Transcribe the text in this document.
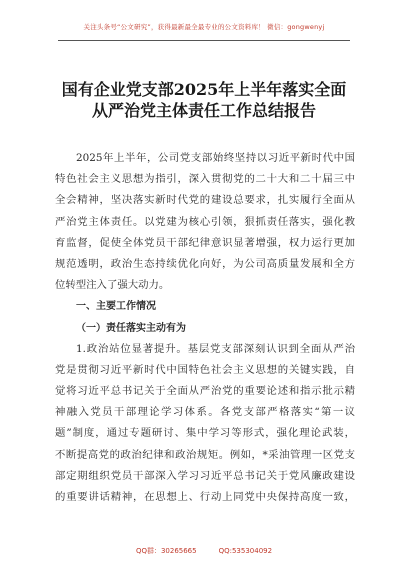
关注头条号“公文研究”，获得最新最全最专业的公文资料库！ 微信：gongwenyj
国有企业党支部2025年上半年落实全面
从严治党主体责任工作总结报告
2025年上半年，公司党支部始终坚持以习近平新时代中国
特色社会主义思想为指引，深入贯彻党的二十大和二十届三中
全会精神，坚决落实新时代党的建设总要求，扎实履行全面从
严治党主体责任。以党建为核心引领，狠抓责任落实，强化教
育监督，促使全体党员干部纪律意识显著增强，权力运行更加
规范透明，政治生态持续优化向好，为公司高质量发展和全方
位转型注入了强大动力。
一、主要工作情况
（一）责任落实主动有为
1.政治站位显著提升。基层党支部深刻认识到全面从严治
党是贯彻习近平新时代中国特色社会主义思想的关键实践，自
觉将习近平总书记关于全面从严治党的重要论述和指示批示精
神融入党员干部理论学习体系。各党支部严格落实“第一议
题”制度，通过专题研讨、集中学习等形式，强化理论武装，
不断提高党的政治纪律和政治规矩。例如，*采油管理一区党支
部定期组织党员干部深入学习习近平总书记关于党风廉政建设
的重要讲话精神，在思想上、行动上同党中央保持高度一致，
QQ群：30265665	QQ:535304092
